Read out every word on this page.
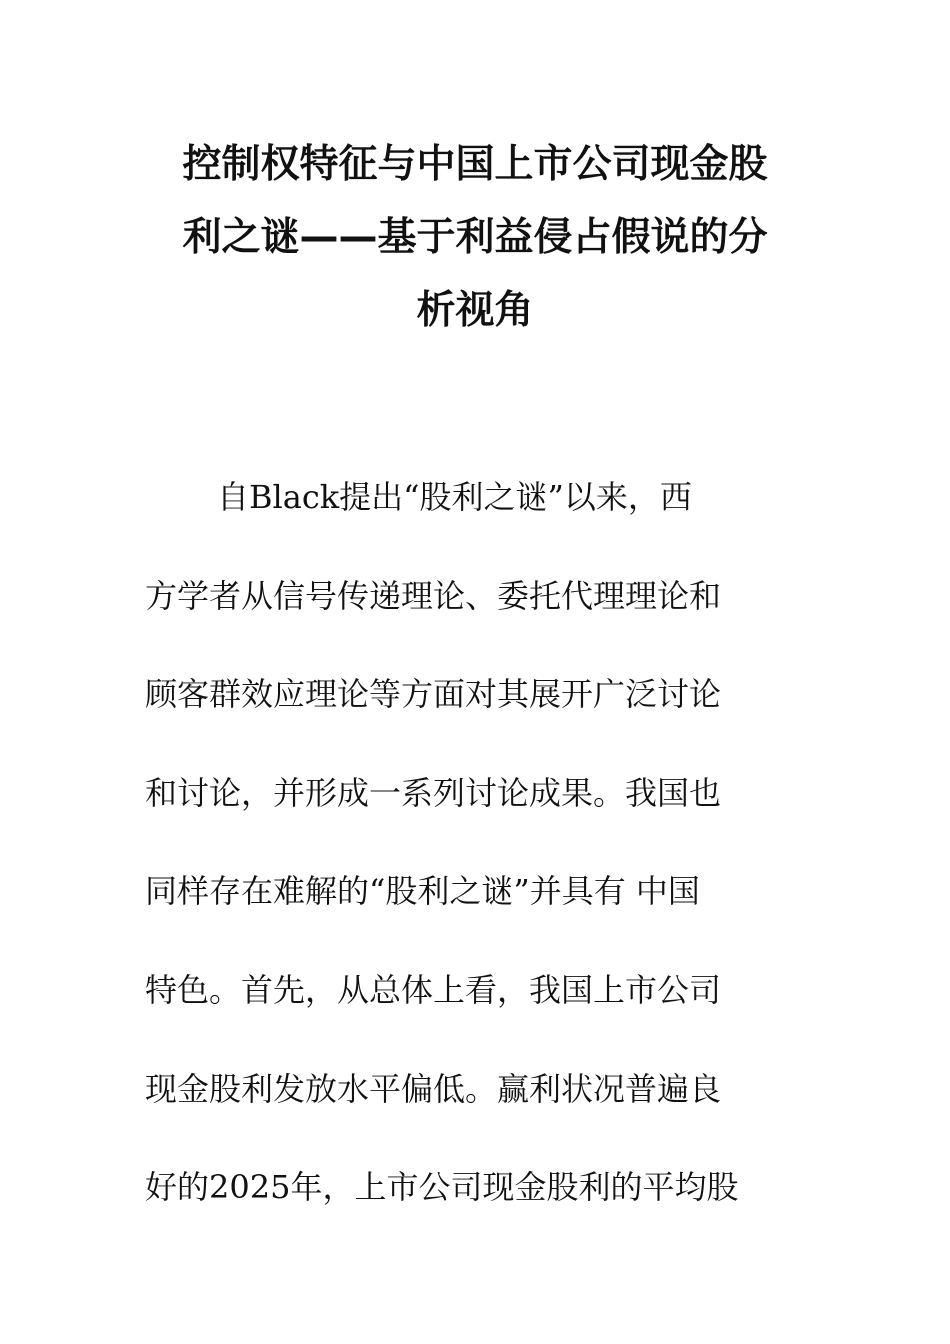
控制权特征与中国上市公司现金股
利之谜——基于利益侵占假说的分
析视角
自Black提出“股利之谜”以来，西
方学者从信号传递理论、委托代理理论和
顾客群效应理论等方面对其展开广泛讨论
和讨论，并形成一系列讨论成果。我国也
同样存在难解的“股利之谜”并具有 中国
特色。首先，从总体上看，我国上市公司
现金股利发放水平偏低。赢利状况普遍良
好的2025年，上市公司现金股利的平均股
